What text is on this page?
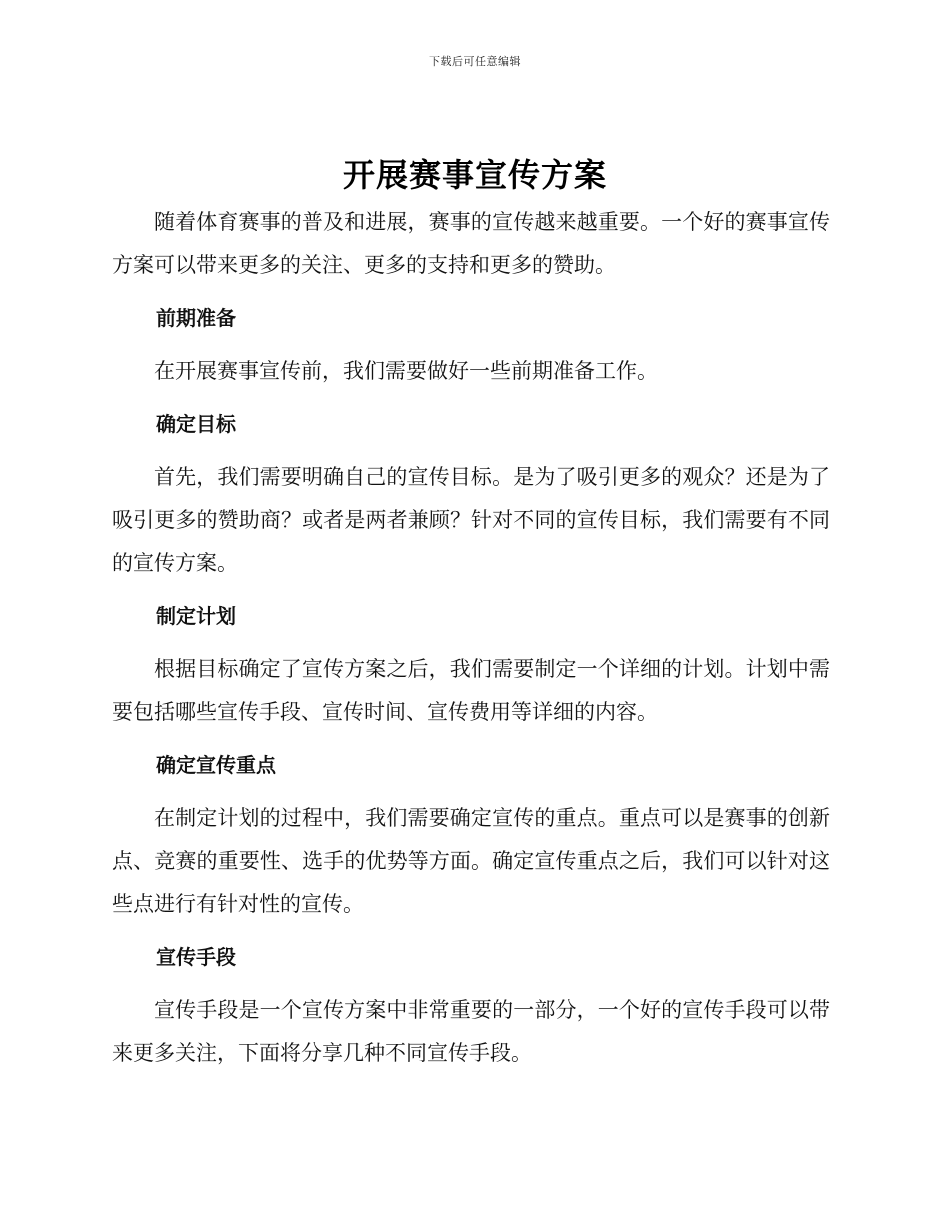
下载后可任意编辑
开展赛事宣传方案

随着体育赛事的普及和进展，赛事的宣传越来越重要。一个好的赛事宣传方案可以带来更多的关注、更多的支持和更多的赞助。

前期准备

在开展赛事宣传前，我们需要做好一些前期准备工作。

确定目标

首先，我们需要明确自己的宣传目标。是为了吸引更多的观众？还是为了吸引更多的赞助商？或者是两者兼顾？针对不同的宣传目标，我们需要有不同的宣传方案。

制定计划

根据目标确定了宣传方案之后，我们需要制定一个详细的计划。计划中需要包括哪些宣传手段、宣传时间、宣传费用等详细的内容。

确定宣传重点

在制定计划的过程中，我们需要确定宣传的重点。重点可以是赛事的创新点、竞赛的重要性、选手的优势等方面。确定宣传重点之后，我们可以针对这些点进行有针对性的宣传。

宣传手段

宣传手段是一个宣传方案中非常重要的一部分，一个好的宣传手段可以带来更多关注，下面将分享几种不同宣传手段。
